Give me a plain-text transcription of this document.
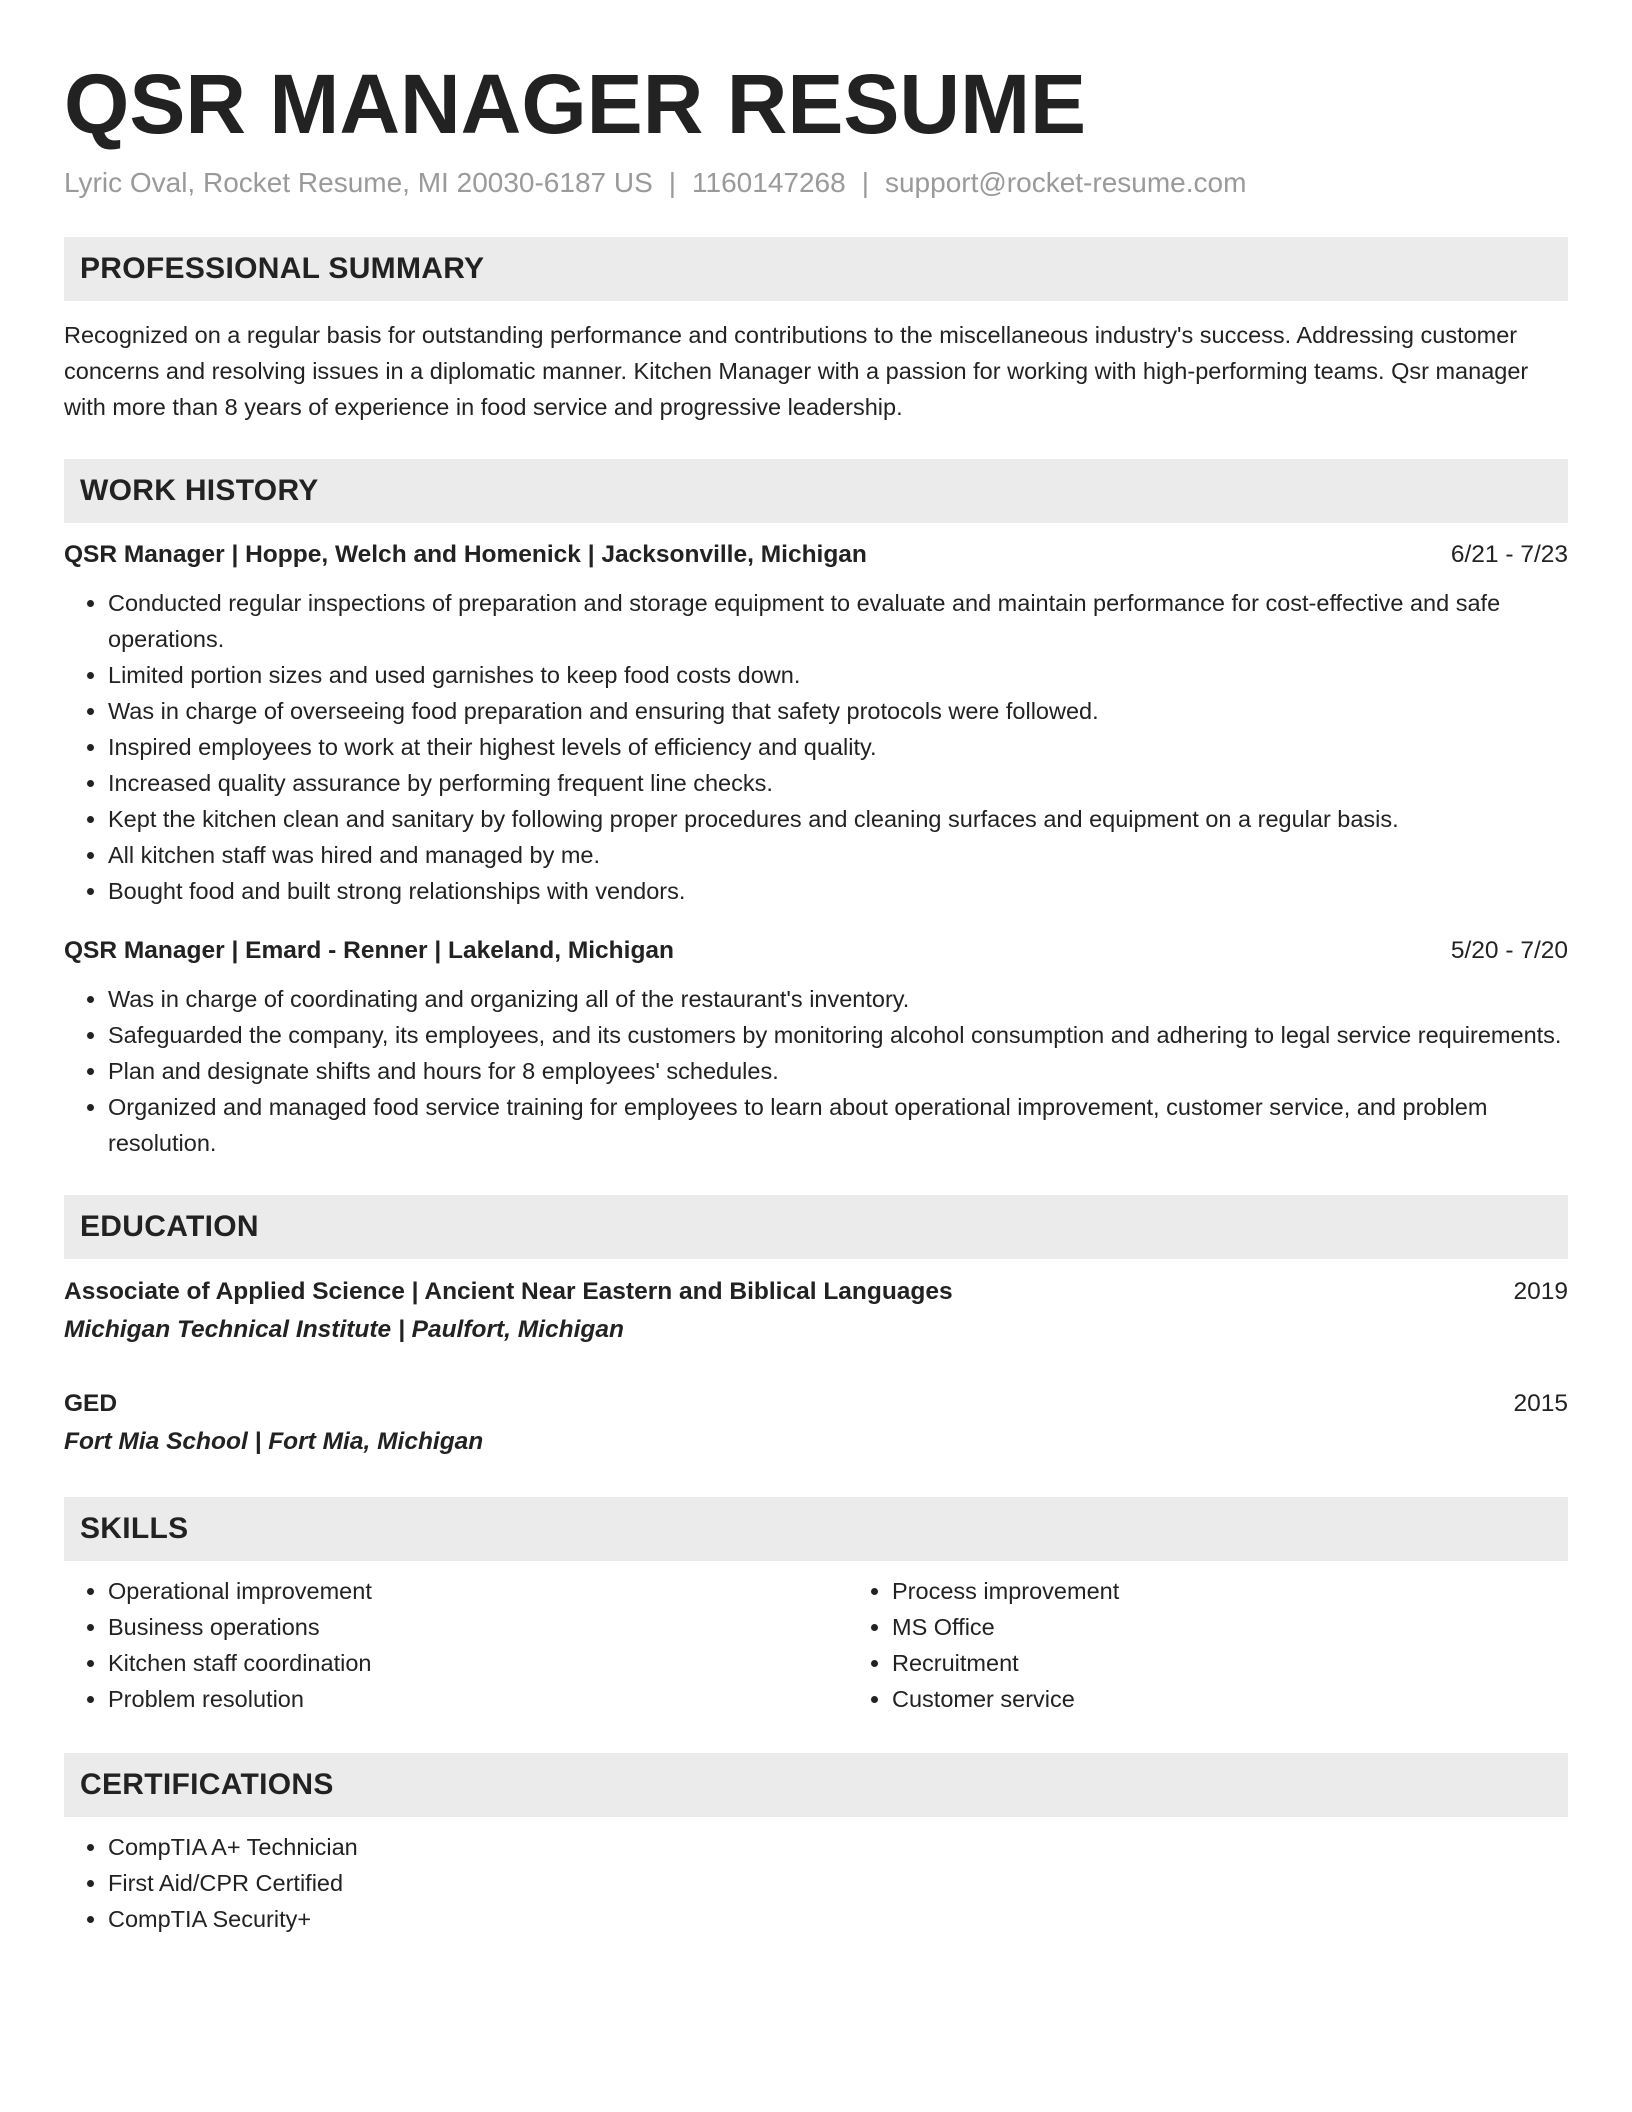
QSR MANAGER RESUME
Lyric Oval, Rocket Resume, MI 20030-6187 US | 1160147268 | support@rocket-resume.com
PROFESSIONAL SUMMARY
Recognized on a regular basis for outstanding performance and contributions to the miscellaneous industry's success. Addressing customer concerns and resolving issues in a diplomatic manner. Kitchen Manager with a passion for working with high-performing teams. Qsr manager with more than 8 years of experience in food service and progressive leadership.
WORK HISTORY
QSR Manager | Hoppe, Welch and Homenick | Jacksonville, Michigan	6/21 - 7/23
• Conducted regular inspections of preparation and storage equipment to evaluate and maintain performance for cost-effective and safe operations.
• Limited portion sizes and used garnishes to keep food costs down.
• Was in charge of overseeing food preparation and ensuring that safety protocols were followed.
• Inspired employees to work at their highest levels of efficiency and quality.
• Increased quality assurance by performing frequent line checks.
• Kept the kitchen clean and sanitary by following proper procedures and cleaning surfaces and equipment on a regular basis.
• All kitchen staff was hired and managed by me.
• Bought food and built strong relationships with vendors.
QSR Manager | Emard - Renner | Lakeland, Michigan	5/20 - 7/20
• Was in charge of coordinating and organizing all of the restaurant's inventory.
• Safeguarded the company, its employees, and its customers by monitoring alcohol consumption and adhering to legal service requirements.
• Plan and designate shifts and hours for 8 employees' schedules.
• Organized and managed food service training for employees to learn about operational improvement, customer service, and problem resolution.
EDUCATION
Associate of Applied Science | Ancient Near Eastern and Biblical Languages	2019
Michigan Technical Institute | Paulfort, Michigan
GED	2015
Fort Mia School | Fort Mia, Michigan
SKILLS
• Operational improvement
• Business operations
• Kitchen staff coordination
• Problem resolution
• Process improvement
• MS Office
• Recruitment
• Customer service
CERTIFICATIONS
• CompTIA A+ Technician
• First Aid/CPR Certified
• CompTIA Security+
